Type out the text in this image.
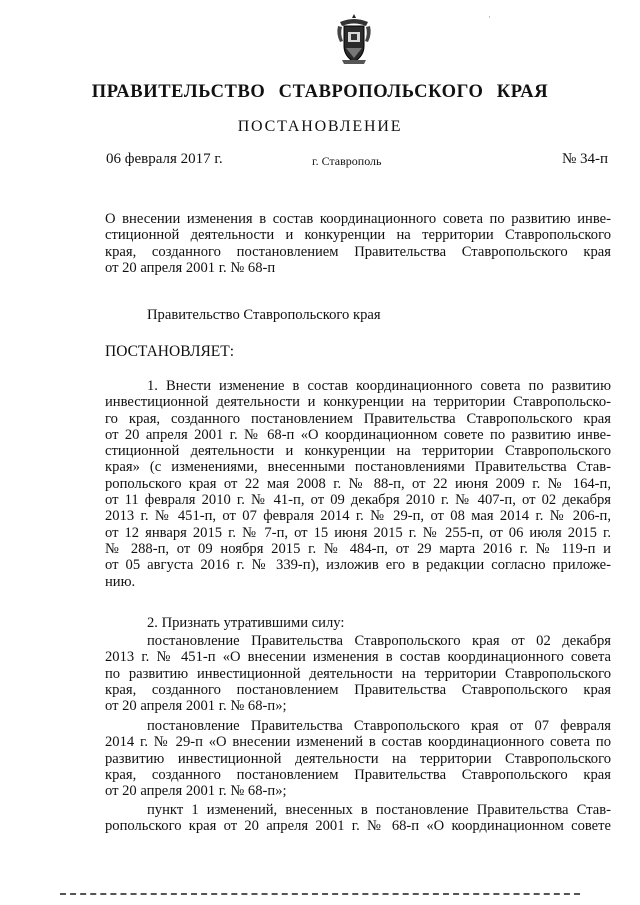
·
ПРАВИТЕЛЬСТВО СТАВРОПОЛЬСКОГО КРАЯ
ПОСТАНОВЛЕНИЕ
06 февраля 2017 г.	г. Ставрополь	№ 34-п
О внесении изменения в состав координационного совета по развитию инве-
стиционной деятельности и конкуренции на территории Ставропольского
края, созданного постановлением Правительства Ставропольского края
от 20 апреля 2001 г. № 68-п
Правительство Ставропольского края
ПОСТАНОВЛЯЕТ:
1. Внести изменение в состав координационного совета по развитию
инвестиционной деятельности и конкуренции на территории Ставропольско-
го края, созданного постановлением Правительства Ставропольского края
от 20 апреля 2001 г. № 68-п «О координационном совете по развитию инве-
стиционной деятельности и конкуренции на территории Ставропольского
края» (с изменениями, внесенными постановлениями Правительства Став-
ропольского края от 22 мая 2008 г. № 88-п, от 22 июня 2009 г. № 164-п,
от 11 февраля 2010 г. № 41-п, от 09 декабря 2010 г. № 407-п, от 02 декабря
2013 г. № 451-п, от 07 февраля 2014 г. № 29-п, от 08 мая 2014 г. № 206-п,
от 12 января 2015 г. № 7-п, от 15 июня 2015 г. № 255-п, от 06 июля 2015 г.
№ 288-п, от 09 ноября 2015 г. № 484-п, от 29 марта 2016 г. № 119-п и
от 05 августа 2016 г. № 339-п), изложив его в редакции согласно приложе-
нию.
2. Признать утратившими силу:
постановление Правительства Ставропольского края от 02 декабря
2013 г. № 451-п «О внесении изменения в состав координационного совета
по развитию инвестиционной деятельности на территории Ставропольского
края, созданного постановлением Правительства Ставропольского края
от 20 апреля 2001 г. № 68-п»;
постановление Правительства Ставропольского края от 07 февраля
2014 г. № 29-п «О внесении изменений в состав координационного совета по
развитию инвестиционной деятельности на территории Ставропольского
края, созданного постановлением Правительства Ставропольского края
от 20 апреля 2001 г. № 68-п»;
пункт 1 изменений, внесенных в постановление Правительства Став-
ропольского края от 20 апреля 2001 г. № 68-п «О координационном совете
